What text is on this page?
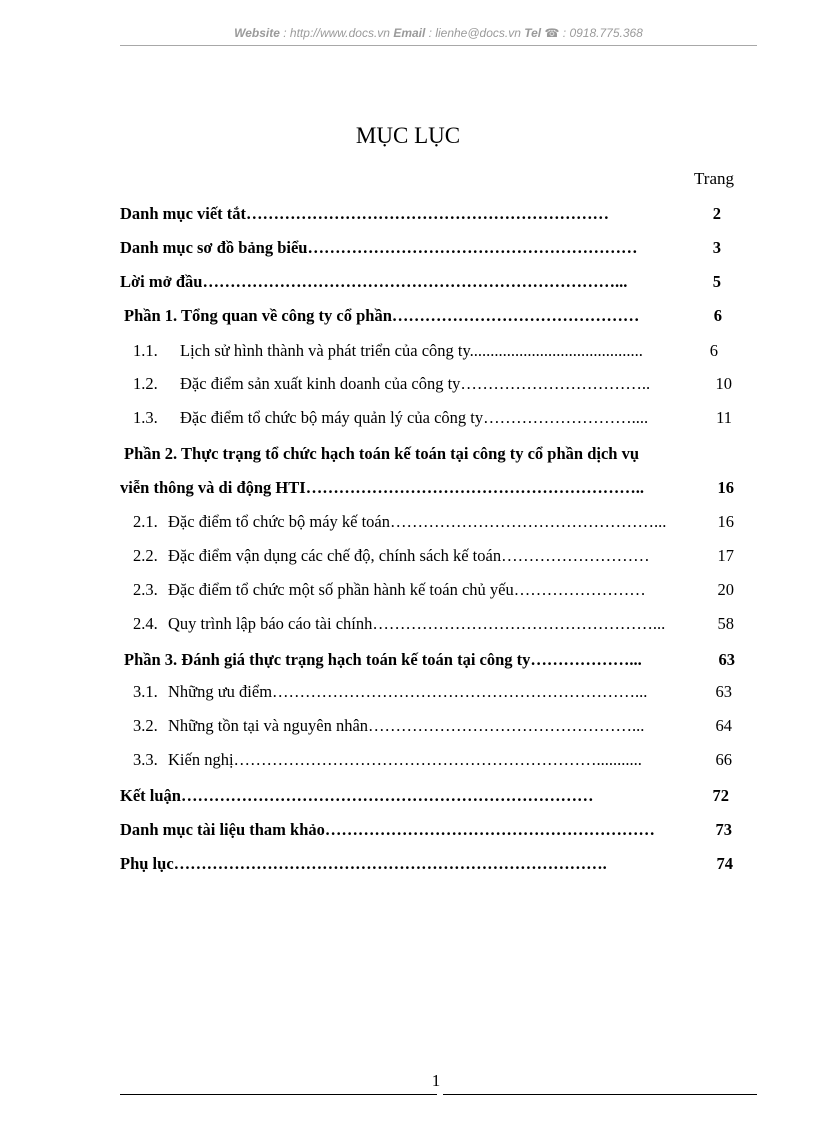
Website : http://www.docs.vn Email : lienhe@docs.vn Tel ☎ : 0918.775.368
MỤC LỤC
Trang
Danh mục viết tắt…………………………………………………………	2
Danh mục sơ đồ bảng biểu……………………………………………………	3
Lời mở đầu…………………………………………………………………...	5
Phần 1. Tổng quan về công ty cổ phần………………………………………	6
1.1. Lịch sử hình thành và phát triển của công ty..........................................	6
1.2. Đặc điểm sản xuất kinh doanh của công ty……………………………..	10
1.3. Đặc điểm tổ chức bộ máy quản lý của công ty………………………....	11
Phần 2. Thực trạng tổ chức hạch toán kế toán tại công ty cổ phần dịch vụ
viễn thông và di động HTI……………………………………………………..	16
2.1. Đặc điểm tổ chức bộ máy kế toán…………………………………………...	16
2.2. Đặc điểm vận dụng các chế độ, chính sách kế toán………………………	17
2.3. Đặc điểm tổ chức một số phần hành kế toán chủ yếu……………………	20
2.4. Quy trình lập báo cáo tài chính……………………………………………...	58
Phần 3. Đánh giá thực trạng hạch toán kế toán tại công ty………………...	63
3.1. Những ưu điểm…………………………………………………………...	63
3.2. Những tồn tại và nguyên nhân…………………………………………...	64
3.3. Kiến nghị…………………………………………………………...........	66
Kết luận…………………………………………………………………	72
Danh mục tài liệu tham khảo……………………………………………………	73
Phụ lục…………………………………………………………………….	74
1
